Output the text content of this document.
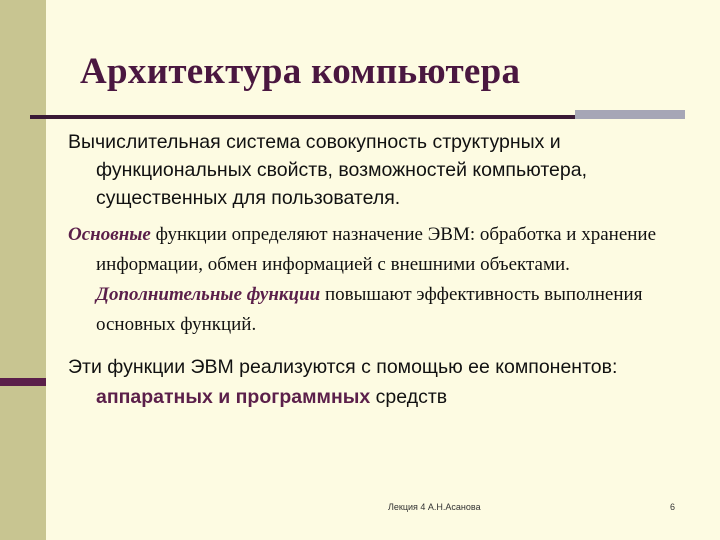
Архитектура компьютера

Вычислительная система совокупность структурных и функциональных свойств, возможностей компьютера, существенных для пользователя.

Основные функции определяют назначение ЭВМ: обработка и хранение информации, обмен информацией с внешними объектами. Дополнительные функции повышают эффективность выполнения основных функций.

Эти функции ЭВМ реализуются с помощью ее компонентов: аппаратных и программных средств

Лекция 4 А.Н.Асанова	6
